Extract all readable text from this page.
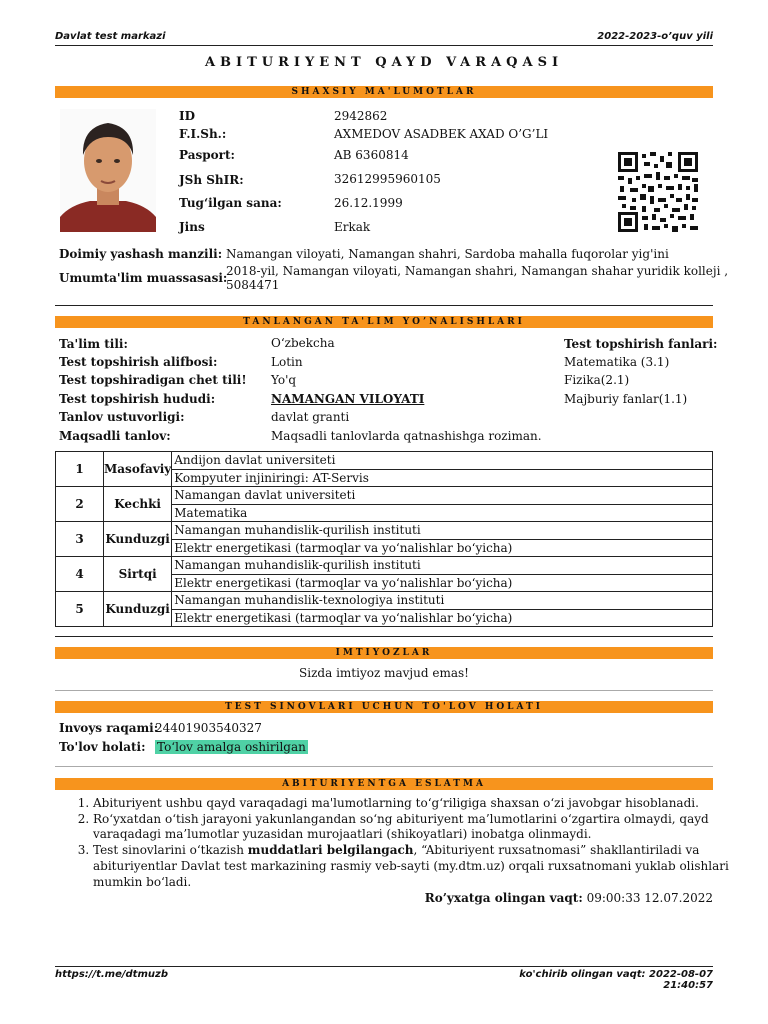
Davlat test markazi	2022-2023-o’quv yili
ABITURIYENT QAYD VARAQASI
SHAXSIY MA'LUMOTLAR
ID	2942862
F.I.Sh.:	AXMEDOV ASADBEK AXAD O’G’LI
Pasport:	AB 6360814
JSh ShIR:	32612995960105
Tug‘ilgan sana:	26.12.1999
Jins	Erkak
Doimiy yashash manzili: Namangan viloyati, Namangan shahri, Sardoba mahalla fuqorolar yig'ini
Umumta'lim muassasasi:
2018-yil, Namangan viloyati, Namangan shahri, Namangan shahar yuridik kolleji ,
5084471
TANLANGAN TA'LIM YO’NALISHLARI
Ta'lim tili:	O‘zbekcha
Test topshirish alifbosi:	Lotin
Test topshiradigan chet tili! Yo'q
Test topshirish hududi:	NAMANGAN VILOYATI
Tanlov ustuvorligi:	davlat granti
Maqsadli tanlov:	Maqsadli tanlovlarda qatnashishga roziman.
Test topshirish fanlari:
Matematika (3.1)
Fizika(2.1)
Majburiy fanlar(1.1)
1	Masofaviy	Andijon davlat universiteti
		Kompyuter injiniringi: AT-Servis
2	Kechki	Namangan davlat universiteti
		Matematika
3	Kunduzgi	Namangan muhandislik-qurilish instituti
		Elektr energetikasi (tarmoqlar va yo‘nalishlar bo‘yicha)
4	Sirtqi	Namangan muhandislik-qurilish instituti
		Elektr energetikasi (tarmoqlar va yo‘nalishlar bo‘yicha)
5	Kunduzgi	Namangan muhandislik-texnologiya instituti
		Elektr energetikasi (tarmoqlar va yo‘nalishlar bo‘yicha)
IMTIYOZLAR
Sizda imtiyoz mavjud emas!
TEST SINOVLARI UCHUN TO'LOV HOLATI
Invoys raqami:
24401903540327
To'lov holati: To‘lov amalga oshirilgan
ABITURIYENTGA ESLATMA
1. Abituriyent ushbu qayd varaqadagi ma'lumotlarning to‘g‘riligiga shaxsan o‘zi javobgar hisoblanadi.
2. Ro‘yxatdan o‘tish jarayoni yakunlangandan so‘ng abituriyent ma’lumotlarini o‘zgartira olmaydi, qayd varaqadagi ma’lumotlar yuzasidan murojaatlari (shikoyatlari) inobatga olinmaydi.
3. Test sinovlarini o‘tkazish muddatlari belgilangach, “Abituriyent ruxsatnomasi” shakllantiriladi va abituriyentlar Davlat test markazining rasmiy veb-sayti (my.dtm.uz) orqali ruxsatnomani yuklab olishlari mumkin bo‘ladi.
Ro’yxatga olingan vaqt: 09:00:33 12.07.2022
https://t.me/dtmuzb	ko'chirib olingan vaqt: 2022-08-07
21:40:57
